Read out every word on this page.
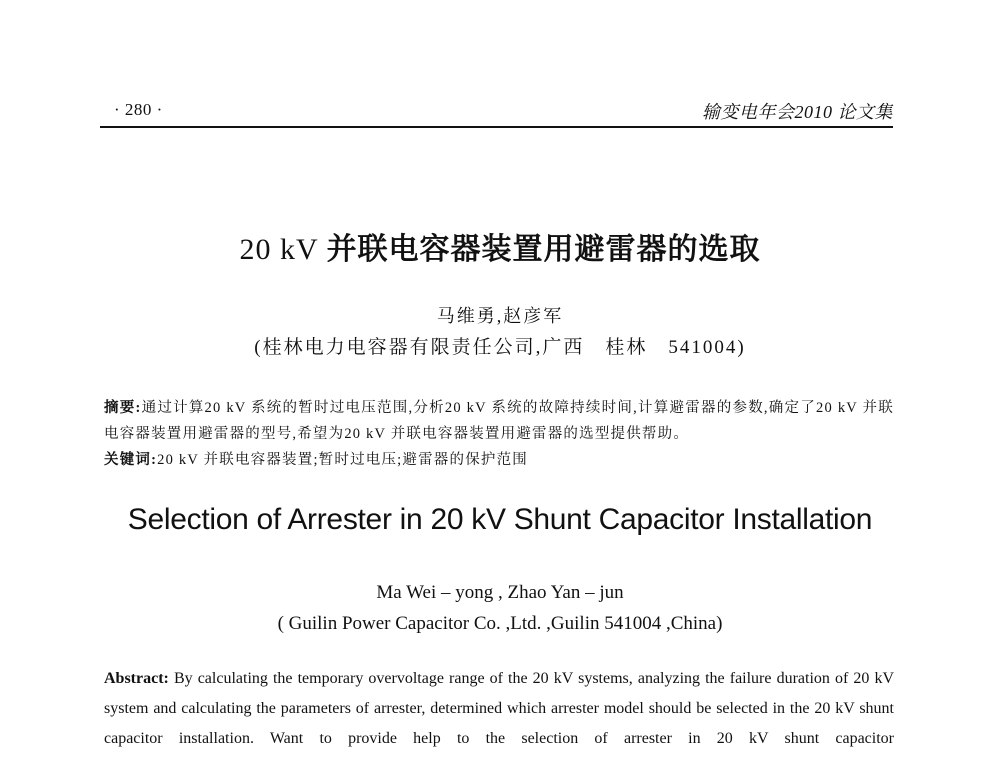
· 280 ·	输变电年会2010 论文集
20 kV 并联电容器装置用避雷器的选取
马维勇,赵彦军
(桂林电力电容器有限责任公司,广西　桂林　541004)

摘要:通过计算20 kV 系统的暂时过电压范围,分析20 kV 系统的故障持续时间,计算避雷器的参数,确定了20 kV 并联电容器装置用避雷器的型号,希望为20 kV 并联电容器装置用避雷器的选型提供帮助。

关键词:20 kV 并联电容器装置;暂时过电压;避雷器的保护范围

Selection of Arrester in 20 kV Shunt Capacitor Installation
Ma Wei – yong , Zhao Yan – jun
( Guilin Power Capacitor Co. ,Ltd. ,Guilin 541004 ,China)

Abstract: By calculating the temporary overvoltage range of the 20 kV systems, analyzing the failure duration of 20 kV system and calculating the parameters of arrester, determined which arrester model should be selected in the 20 kV shunt capacitor installation. Want to provide help to the selection of arrester in 20 kV shunt capacitor
